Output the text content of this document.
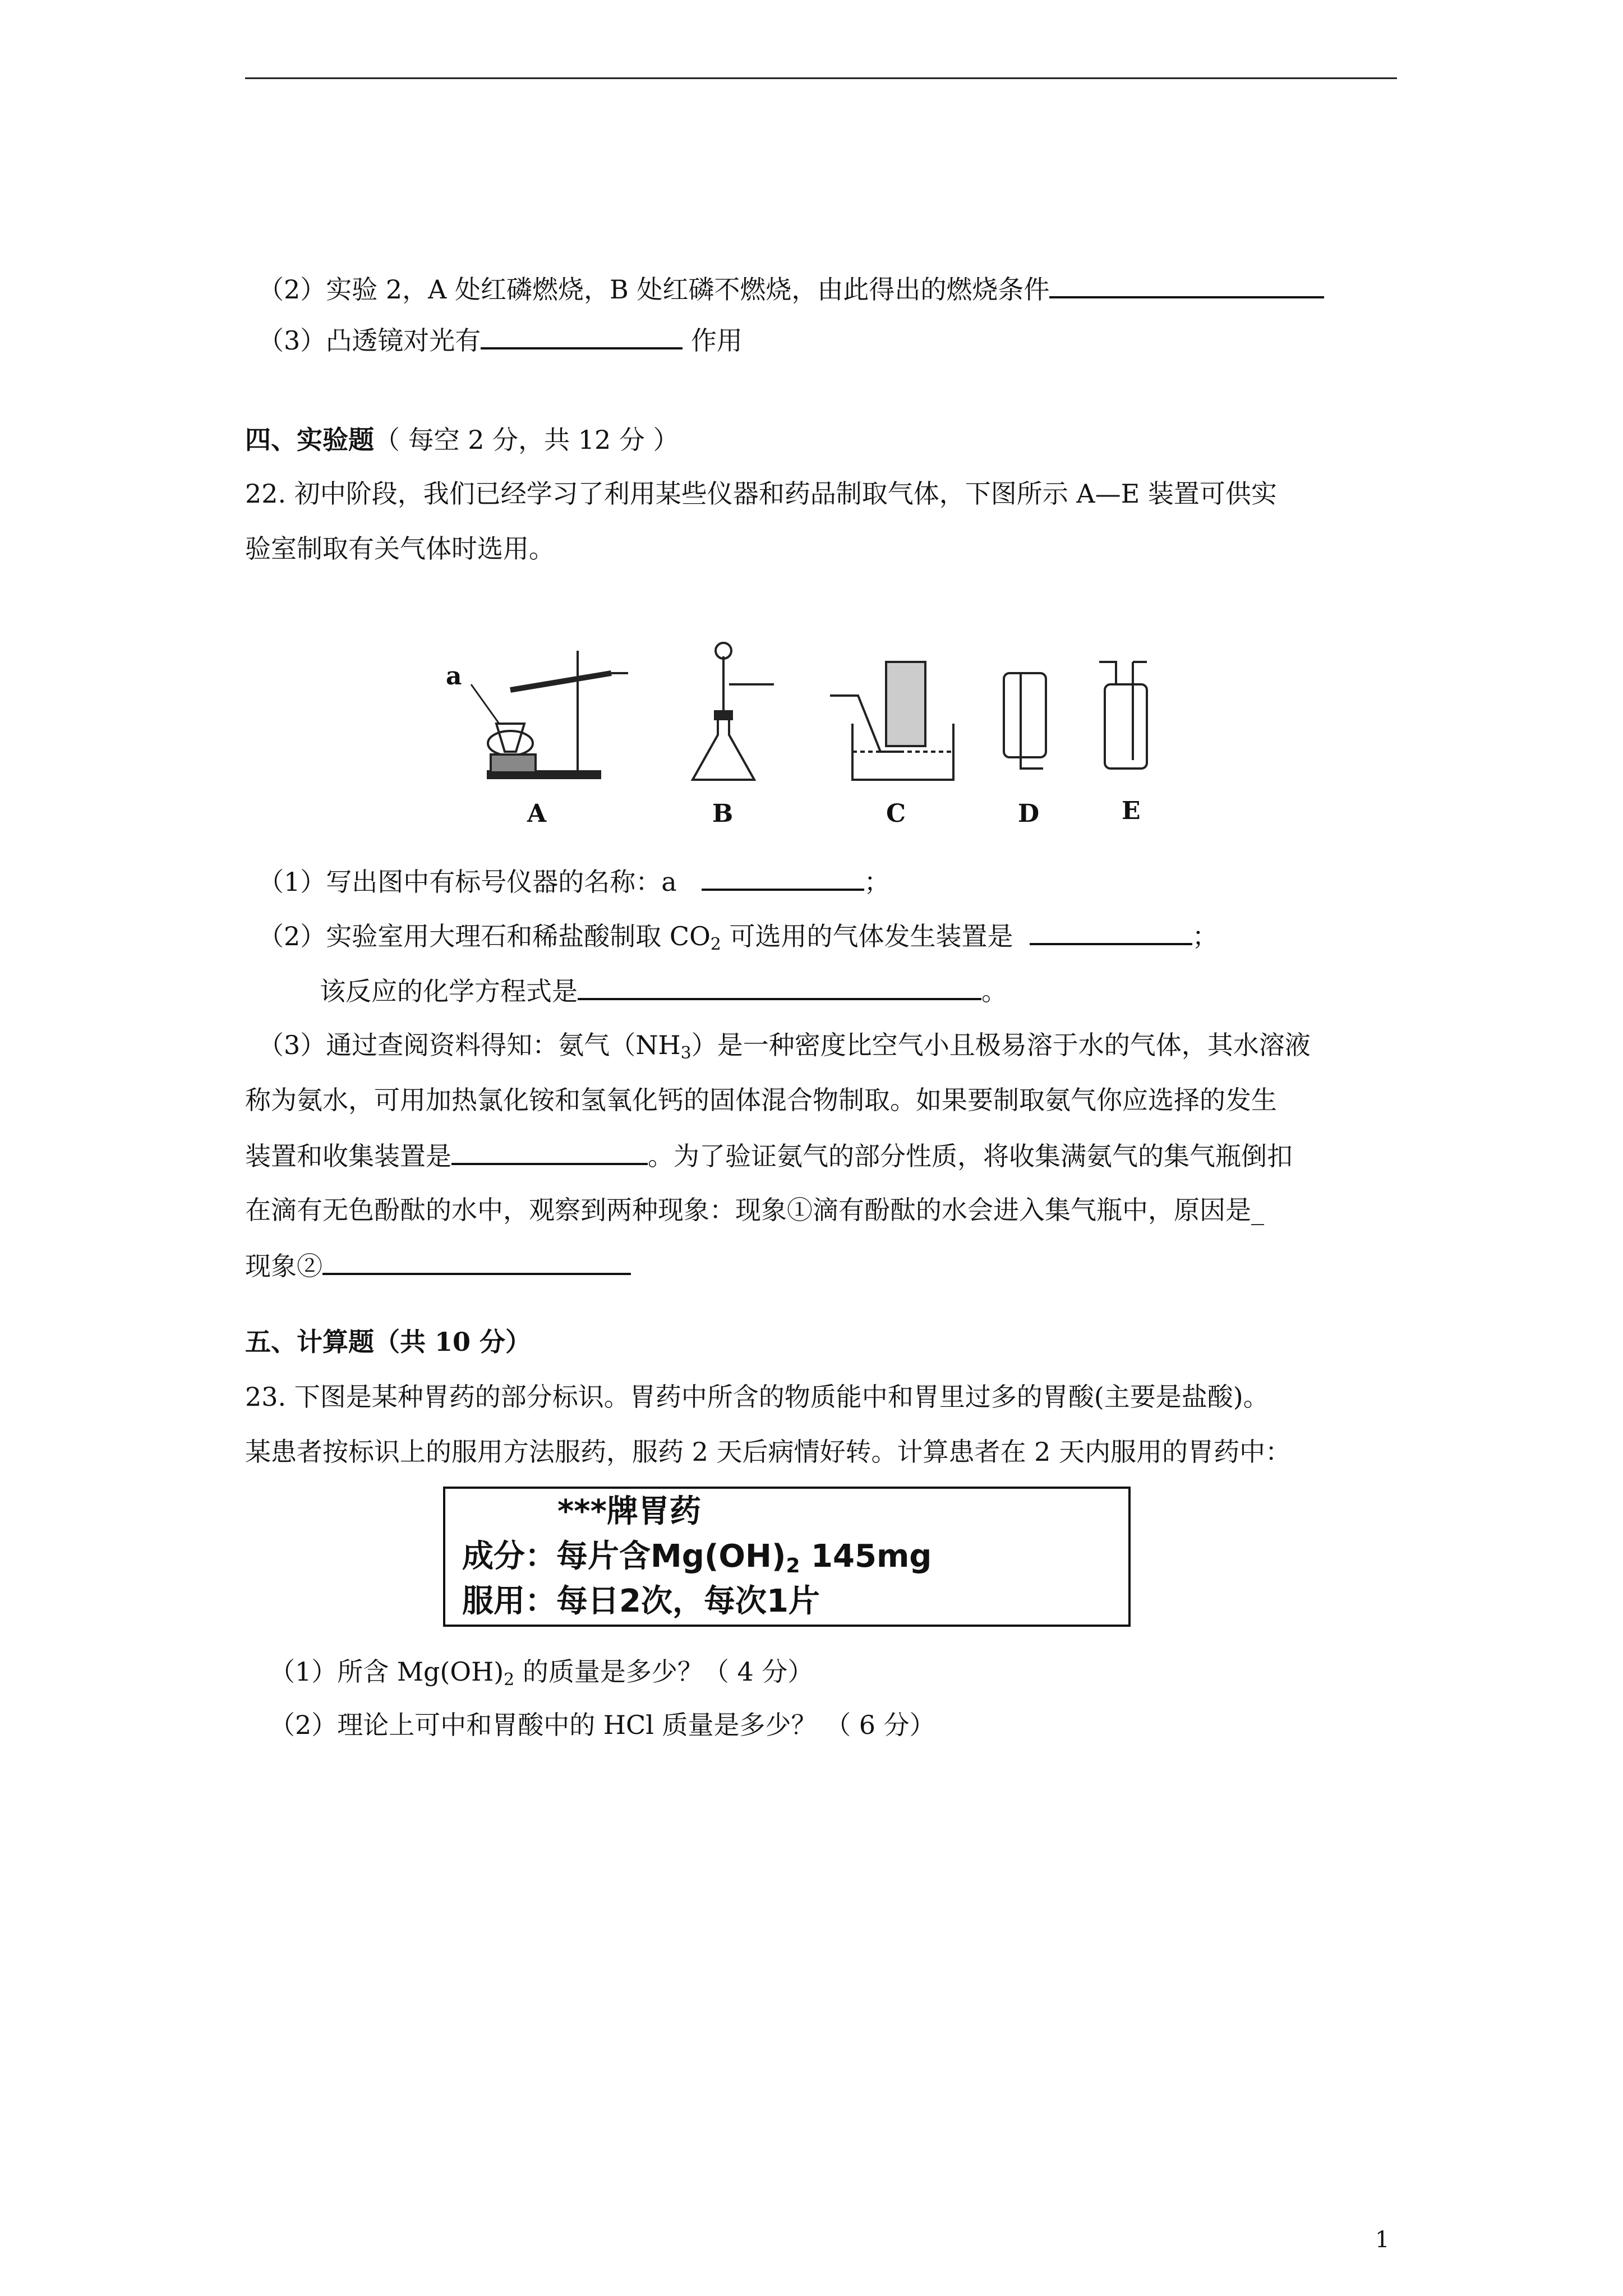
（2）实验 2，A 处红磷燃烧，B 处红磷不燃烧，由此得出的燃烧条件
（3）凸透镜对光有	作用
四、实验题（ 每空 2 分，共 12 分 ）
22. 初中阶段，我们已经学习了利用某些仪器和药品制取气体，下图所示 A—E 装置可供实
验室制取有关气体时选用。
a
A	B	C	D	E
（1）写出图中有标号仪器的名称：a	；
（2）实验室用大理石和稀盐酸制取 $CO_2$ 可选用的气体发生装置是	；
该反应的化学方程式是	。
（3）通过查阅资料得知：氨气$(NH_3)$是一种密度比空气小且极易溶于水的气体，其水溶液
称为氨水，可用加热氯化铵和氢氧化钙的固体混合物制取。如果要制取氨气你应选择的发生
装置和收集装置是	。为了验证氨气的部分性质，将收集满氨气的集气瓶倒扣
在滴有无色酚酞的水中，观察到两种现象：现象①滴有酚酞的水会进入集气瓶中，原因是_
现象②
五、计算题（共 10 分）
23. 下图是某种胃药的部分标识。胃药中所含的物质能中和胃里过多的胃酸(主要是盐酸)。
某患者按标识上的服用方法服药，服药 2 天后病情好转。计算患者在 2 天内服用的胃药中：
***牌胃药
成分：每片含$Mg(OH)_2$ 145mg
服用：每日2次，每次1片
（1）所含 $Mg(OH)_2$ 的质量是多少？（ 4 分）
（2）理论上可中和胃酸中的 HCl 质量是多少？ （ 6 分）
1
